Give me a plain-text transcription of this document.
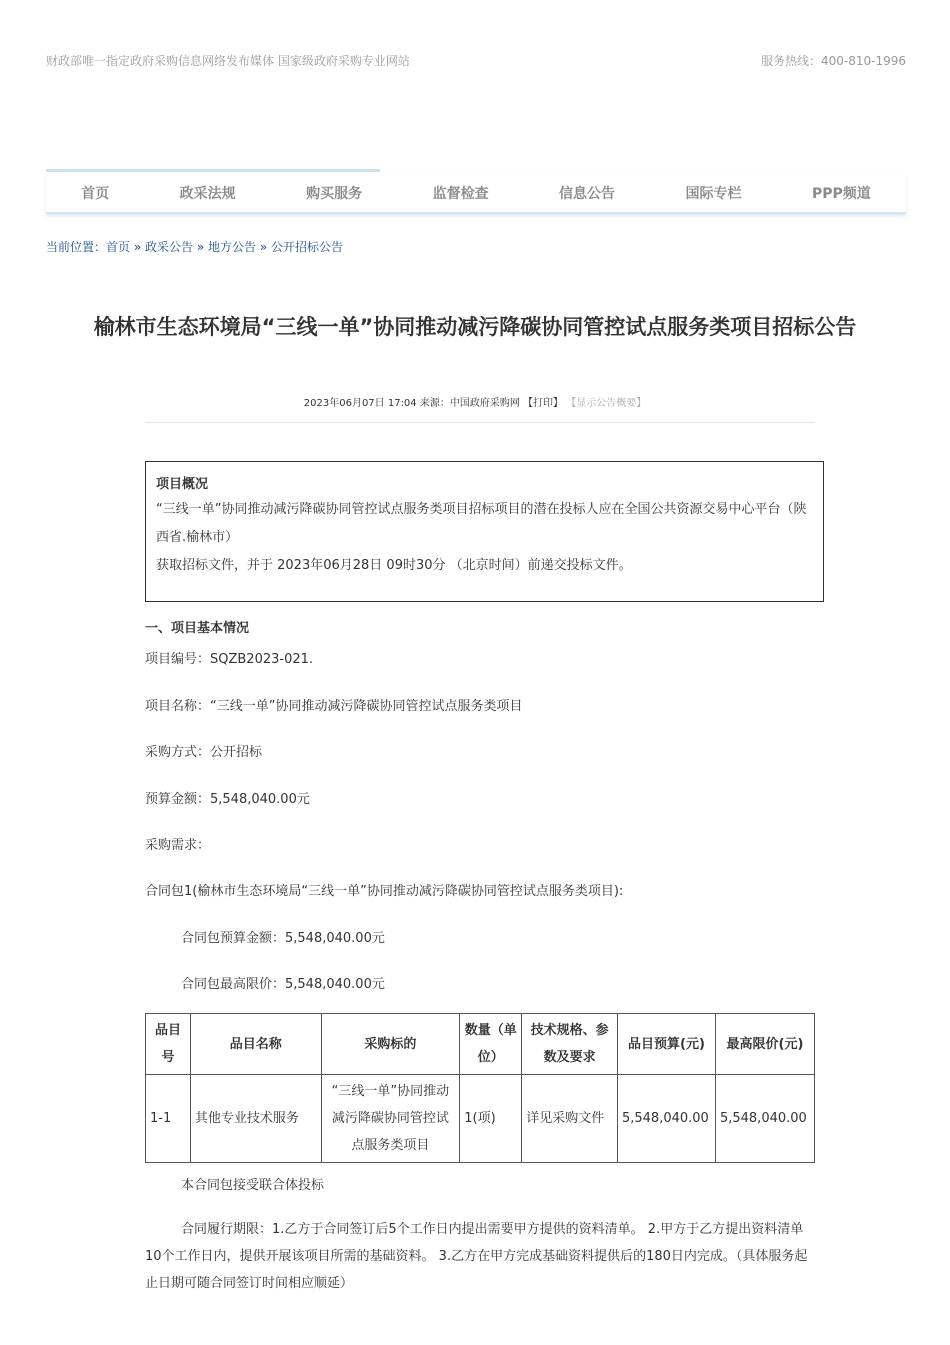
财政部唯一指定政府采购信息网络发布媒体 国家级政府采购专业网站	服务热线：400-810-1996
首页	政采法规	购买服务	监督检查	信息公告	国际专栏	PPP频道
当前位置：首页 » 政采公告 » 地方公告 » 公开招标公告
榆林市生态环境局“三线一单”协同推动减污降碳协同管控试点服务类项目招标公告
2023年06月07日 17:04 来源：中国政府采购网 【打印】 【显示公告概要】
项目概况
“三线一单”协同推动减污降碳协同管控试点服务类项目招标项目的潜在投标人应在全国公共资源交易中心平台（陕西省.榆林市）
获取招标文件，并于 2023年06月28日 09时30分 （北京时间）前递交投标文件。
一、项目基本情况
项目编号：SQZB2023-021.
项目名称：“三线一单”协同推动减污降碳协同管控试点服务类项目
采购方式：公开招标
预算金额：5,548,040.00元
采购需求：
合同包1(榆林市生态环境局“三线一单”协同推动减污降碳协同管控试点服务类项目):
合同包预算金额：5,548,040.00元
合同包最高限价：5,548,040.00元
品目号	品目名称	采购标的	数量（单位）	技术规格、参数及要求	品目预算(元)	最高限价(元)
1-1	其他专业技术服务	“三线一单”协同推动减污降碳协同管控试点服务类项目	1(项)	详见采购文件	5,548,040.00	5,548,040.00
本合同包接受联合体投标
合同履行期限：1.乙方于合同签订后5个工作日内提出需要甲方提供的资料清单。 2.甲方于乙方提出资料清单10个工作日内，提供开展该项目所需的基础资料。 3.乙方在甲方完成基础资料提供后的180日内完成。（具体服务起止日期可随合同签订时间相应顺延）
